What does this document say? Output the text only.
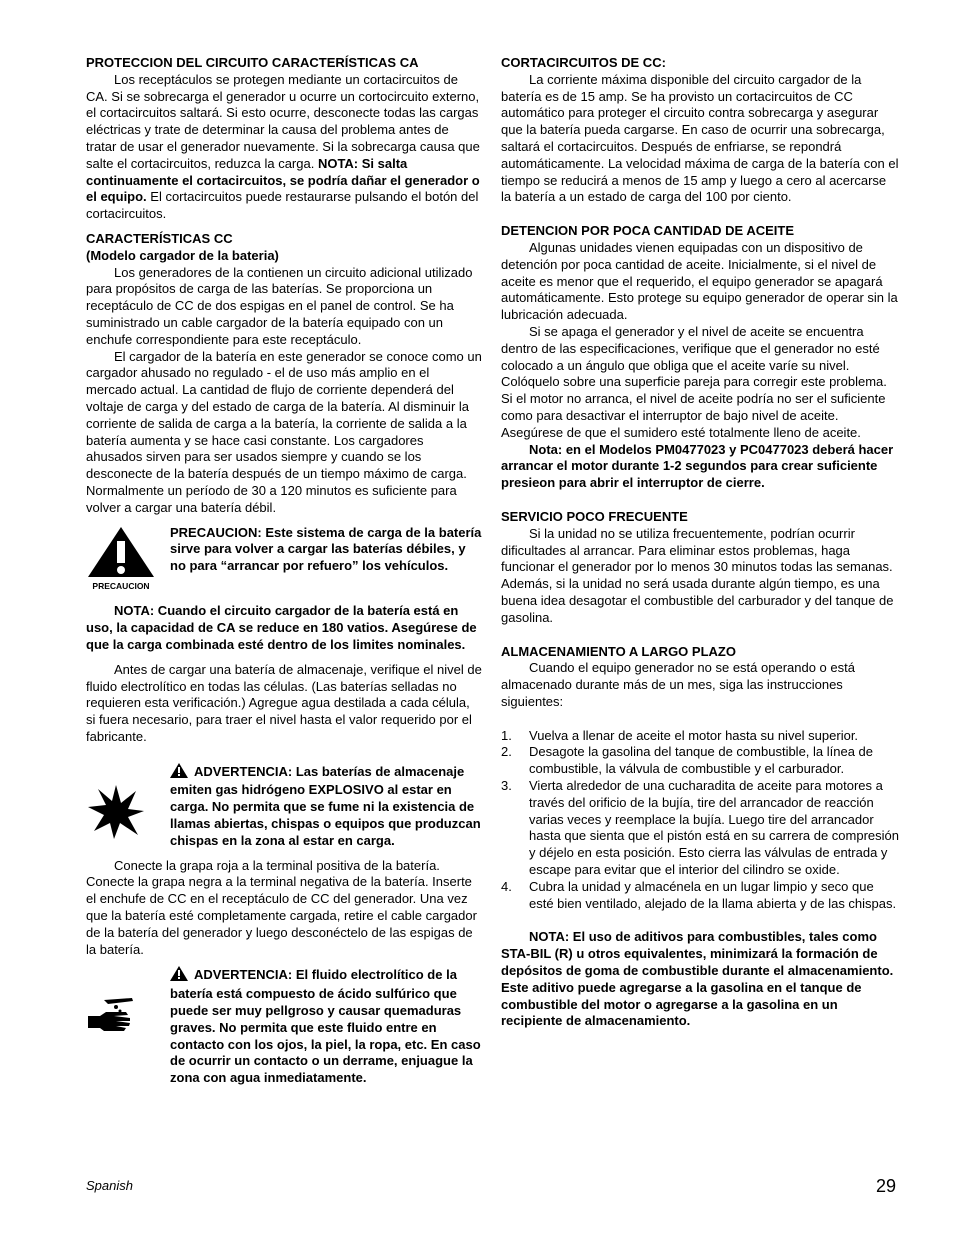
PROTECCION DEL CIRCUITO CARACTERÍSTICAS CA

Los receptáculos se protegen mediante un cortacircuitos de CA. Si se sobrecarga el generador u ocurre un cortocircuito externo, el cortacircuitos saltará. Si esto ocurre, desconecte todas las cargas eléctricas y trate de determinar la causa del problema antes de tratar de usar el generador nuevamente. Si la sobrecarga causa que salte el cortacircuitos, reduzca la carga. NOTA: Si salta continuamente el cortacircuitos, se podría dañar el generador o el equipo. El cortacircuitos puede restaurarse pulsando el botón del cortacircuitos.

CARACTERÍSTICAS CC
(Modelo cargador de la bateria)

Los generadores de la contienen un circuito adicional utilizado para propósitos de carga de las baterías. Se proporciona un receptáculo de CC de dos espigas en el panel de control. Se ha suministrado un cable cargador de la batería equipado con un enchufe correspondiente para este receptáculo.

El cargador de la batería en este generador se conoce como un cargador ahusado no regulado - el de uso más amplio en el mercado actual. La cantidad de flujo de corriente dependerá del voltaje de carga y del estado de carga de la batería. Al disminuir la corriente de salida de carga a la batería, la corriente de salida a la batería aumenta y se hace casi constante. Los cargadores ahusados sirven para ser usados siempre y cuando se los desconecte de la batería después de un tiempo máximo de carga. Normalmente un período de 30 a 120 minutos es suficiente para volver a cargar una batería débil.

PRECAUCION
PRECAUCION: Este sistema de carga de la batería sirve para volver a cargar las baterías débiles, y no para “arrancar por refuero” los vehículos.

NOTA: Cuando el circuito cargador de la batería está en uso, la capacidad de CA se reduce en 180 vatios. Asegúrese de que la carga combinada esté dentro de los limites nominales.

Antes de cargar una batería de almacenaje, verifique el nivel de fluido electrolítico en todas las células. (Las baterías selladas no requieren esta verificación.) Agregue agua destilada a cada célula, si fuera necesario, para traer el nivel hasta el valor requerido por el fabricante.

ADVERTENCIA: Las baterías de almacenaje emiten gas hidrógeno EXPLOSIVO al estar en carga. No permita que se fume ni la existencia de llamas abiertas, chispas o equipos que produzcan chispas en la zona al estar en carga.

Conecte la grapa roja a la terminal positiva de la batería. Conecte la grapa negra a la terminal negativa de la batería. Inserte el enchufe de CC en el receptáculo de CC del generador. Una vez que la batería esté completamente cargada, retire el cable cargador de la batería del generador y luego desconéctelo de las espigas de la batería.

ADVERTENCIA: El fluido electrolítico de la batería está compuesto de ácido sulfúrico que puede ser muy pellgroso y causar quemaduras graves. No permita que este fluido entre en contacto con los ojos, la piel, la ropa, etc. En caso de ocurrir un contacto o un derrame, enjuague la zona con agua inmediatamente.
CORTACIRCUITOS DE CC:

La corriente máxima disponible del circuito cargador de la batería es de 15 amp. Se ha provisto un cortacircuitos de CC automático para proteger el circuito contra sobrecarga y asegurar que la batería pueda cargarse. En caso de ocurrir una sobrecarga, saltará el cortacircuitos. Después de enfriarse, se repondrá automáticamente. La velocidad máxima de carga de la batería con el tiempo se reducirá a menos de 15 amp y luego a cero al acercarse la batería a un estado de carga del 100 por ciento.

DETENCION POR POCA CANTIDAD DE ACEITE

Algunas unidades vienen equipadas con un dispositivo de detención por poca cantidad de aceite. Inicialmente, si el nivel de aceite es menor que el requerido, el equipo generador se apagará automáticamente. Esto protege su equipo generador de operar sin la lubricación adecuada.

Si se apaga el generador y el nivel de aceite se encuentra dentro de las especificaciones, verifique que el generador no esté colocado a un ángulo que obliga que el aceite varíe su nivel. Colóquelo sobre una superficie pareja para corregir este problema. Si el motor no arranca, el nivel de aceite podría no ser el suficiente como para desactivar el interruptor de bajo nivel de aceite. Asegúrese de que el sumidero esté totalmente lleno de aceite.

Nota: en el Modelos PM0477023 y PC0477023 deberá hacer arrancar el motor durante 1-2 segundos para crear suficiente presieon para abrir el interruptor de cierre.

SERVICIO POCO FRECUENTE

Si la unidad no se utiliza frecuentemente, podrían ocurrir dificultades al arrancar. Para eliminar estos problemas, haga funcionar el generador por lo menos 30 minutos todas las semanas. Además, si la unidad no será usada durante algún tiempo, es una buena idea desagotar el combustible del carburador y del tanque de gasolina.

ALMACENAMIENTO A LARGO PLAZO

Cuando el equipo generador no se está operando o está almacenado durante más de un mes, siga las instrucciones siguientes:

1.	Vuelva a llenar de aceite el motor hasta su nivel superior.
2.	Desagote la gasolina del tanque de combustible, la línea de combustible, la válvula de combustible y el carburador.
3.	Vierta alrededor de una cucharadita de aceite para motores a través del orificio de la bujía, tire del arrancador de reacción varias veces y reemplace la bujía. Luego tire del arrancador hasta que sienta que el pistón está en su carrera de compresión y déjelo en esta posición. Esto cierra las válvulas de entrada y escape para evitar que el interior del cilindro se oxide.
4.	Cubra la unidad y almacénela en un lugar limpio y seco que esté bien ventilado, alejado de la llama abierta y de las chispas.

NOTA: El uso de aditivos para combustibles, tales como STA-BIL (R) u otros equivalentes, minimizará la formación de depósitos de goma de combustible durante el almacenamiento. Este aditivo puede agregarse a la gasolina en el tanque de combustible del motor o agregarse a la gasolina en un recipiente de almacenamiento.

Spanish	29
